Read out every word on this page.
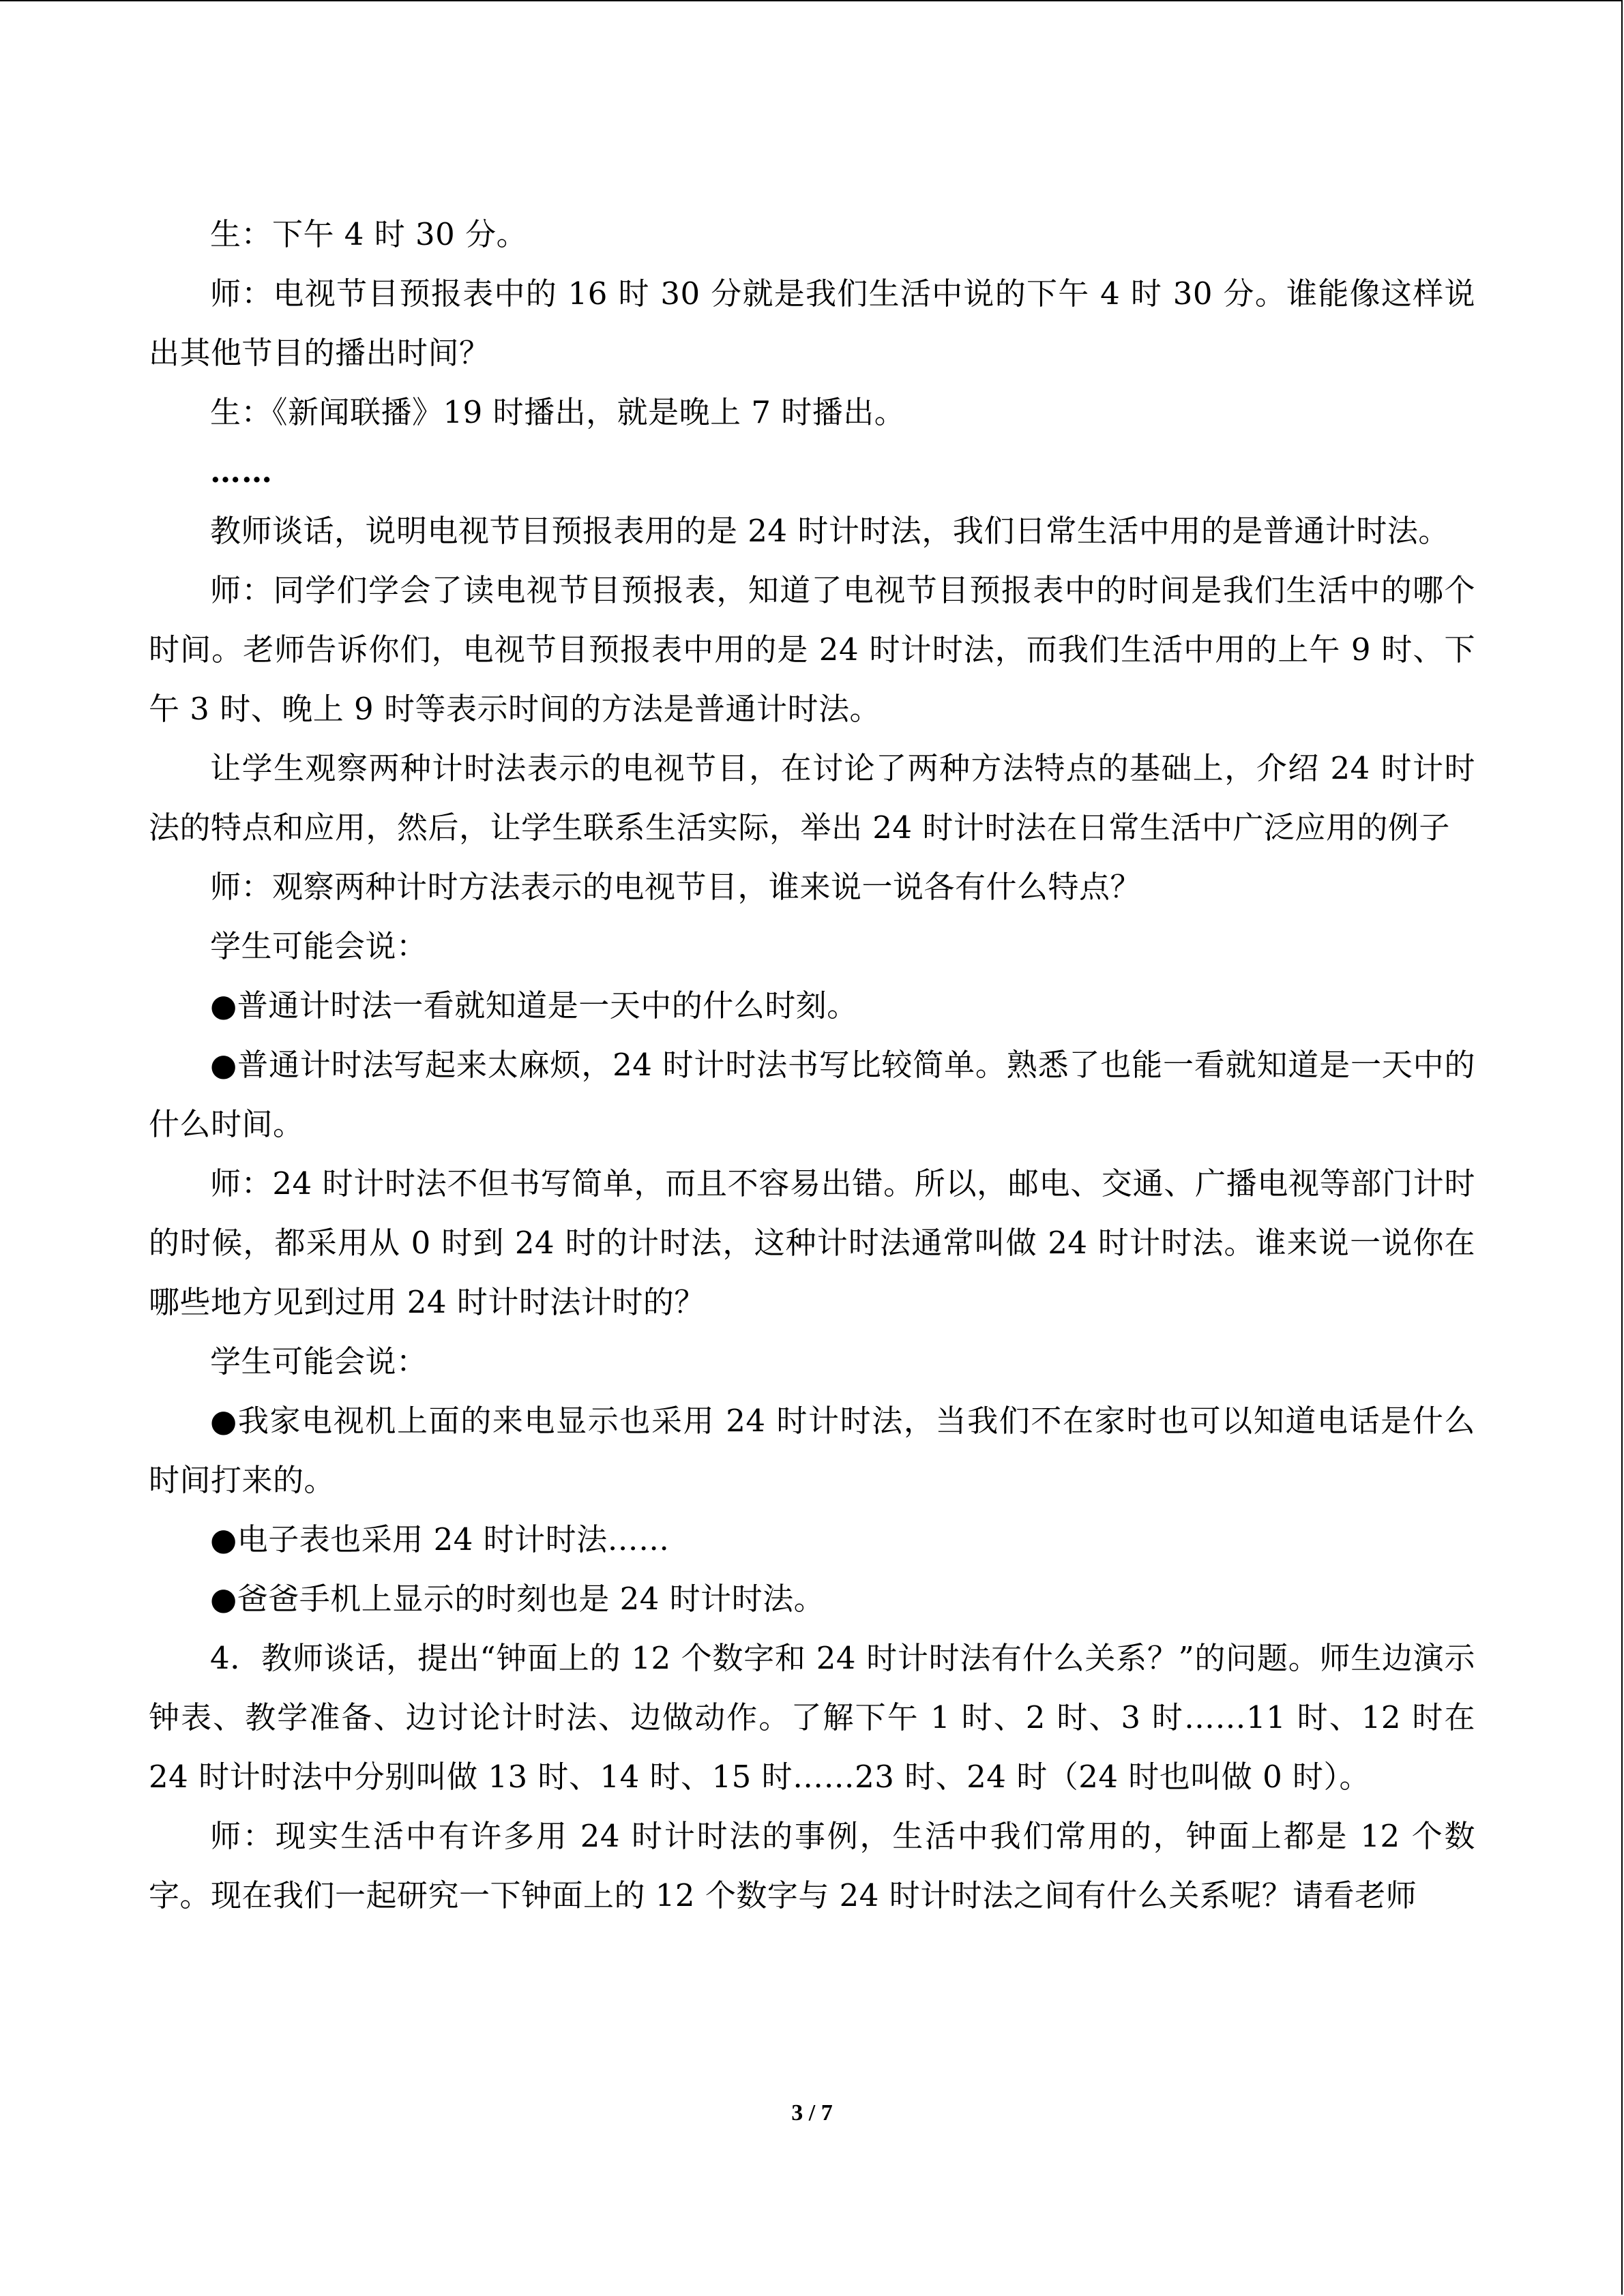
生：下午 4 时 30 分。

师：电视节目预报表中的 16 时 30 分就是我们生活中说的下午 4 时 30 分。谁能像这样说出其他节目的播出时间？

生：《新闻联播》19 时播出，就是晚上 7 时播出。

……

教师谈话，说明电视节目预报表用的是 24 时计时法，我们日常生活中用的是普通计时法。

师：同学们学会了读电视节目预报表，知道了电视节目预报表中的时间是我们生活中的哪个时间。老师告诉你们，电视节目预报表中用的是 24 时计时法，而我们生活中用的上午 9 时、下午 3 时、晚上 9 时等表示时间的方法是普通计时法。

让学生观察两种计时法表示的电视节目，在讨论了两种方法特点的基础上，介绍 24 时计时法的特点和应用，然后，让学生联系生活实际，举出 24 时计时法在日常生活中广泛应用的例子

师：观察两种计时方法表示的电视节目，谁来说一说各有什么特点？

学生可能会说：

●普通计时法一看就知道是一天中的什么时刻。

●普通计时法写起来太麻烦，24 时计时法书写比较简单。熟悉了也能一看就知道是一天中的什么时间。

师：24 时计时法不但书写简单，而且不容易出错。所以，邮电、交通、广播电视等部门计时的时候，都采用从 0 时到 24 时的计时法，这种计时法通常叫做 24 时计时法。谁来说一说你在哪些地方见到过用 24 时计时法计时的？

学生可能会说：

●我家电视机上面的来电显示也采用 24 时计时法，当我们不在家时也可以知道电话是什么时间打来的。

●电子表也采用 24 时计时法……

●爸爸手机上显示的时刻也是 24 时计时法。

4．教师谈话，提出“钟面上的 12 个数字和 24 时计时法有什么关系？”的问题。师生边演示钟表、教学准备、边讨论计时法、边做动作。了解下午 1 时、2 时、3 时……11 时、12 时在 24 时计时法中分别叫做 13 时、14 时、15 时……23 时、24 时（24 时也叫做 0 时）。

师：现实生活中有许多用 24 时计时法的事例，生活中我们常用的，钟面上都是 12 个数字。现在我们一起研究一下钟面上的 12 个数字与 24 时计时法之间有什么关系呢？请看老师

3 / 7
